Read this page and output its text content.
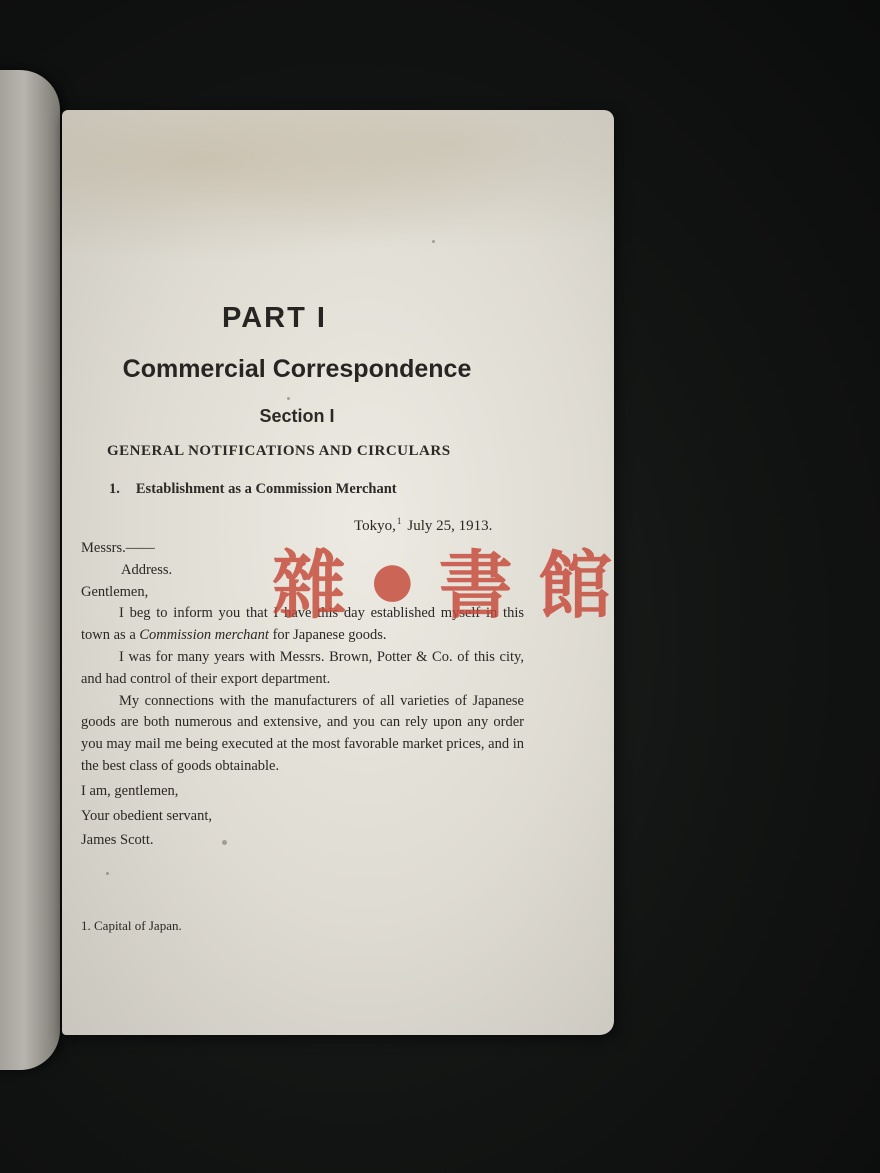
PART I
Commercial Correspondence
Section I
GENERAL NOTIFICATIONS AND CIRCULARS
1. Establishment as a Commission Merchant
Tokyo,$^1$ July 25, 1913.

Messrs.——

Address.

Gentlemen,

I beg to inform you that I have this day established myself in this town as a Commission merchant for Japanese goods.

I was for many years with Messrs. Brown, Potter & Co. of this city, and had control of their export department.

My connections with the manufacturers of all varieties of Japanese goods are both numerous and extensive, and you can rely upon any order you may mail me being executed at the most favorable market prices, and in the best class of goods obtainable.

I am, gentlemen,

Your obedient servant,

James Scott.

1. Capital of Japan.
雜 ● 書 館
